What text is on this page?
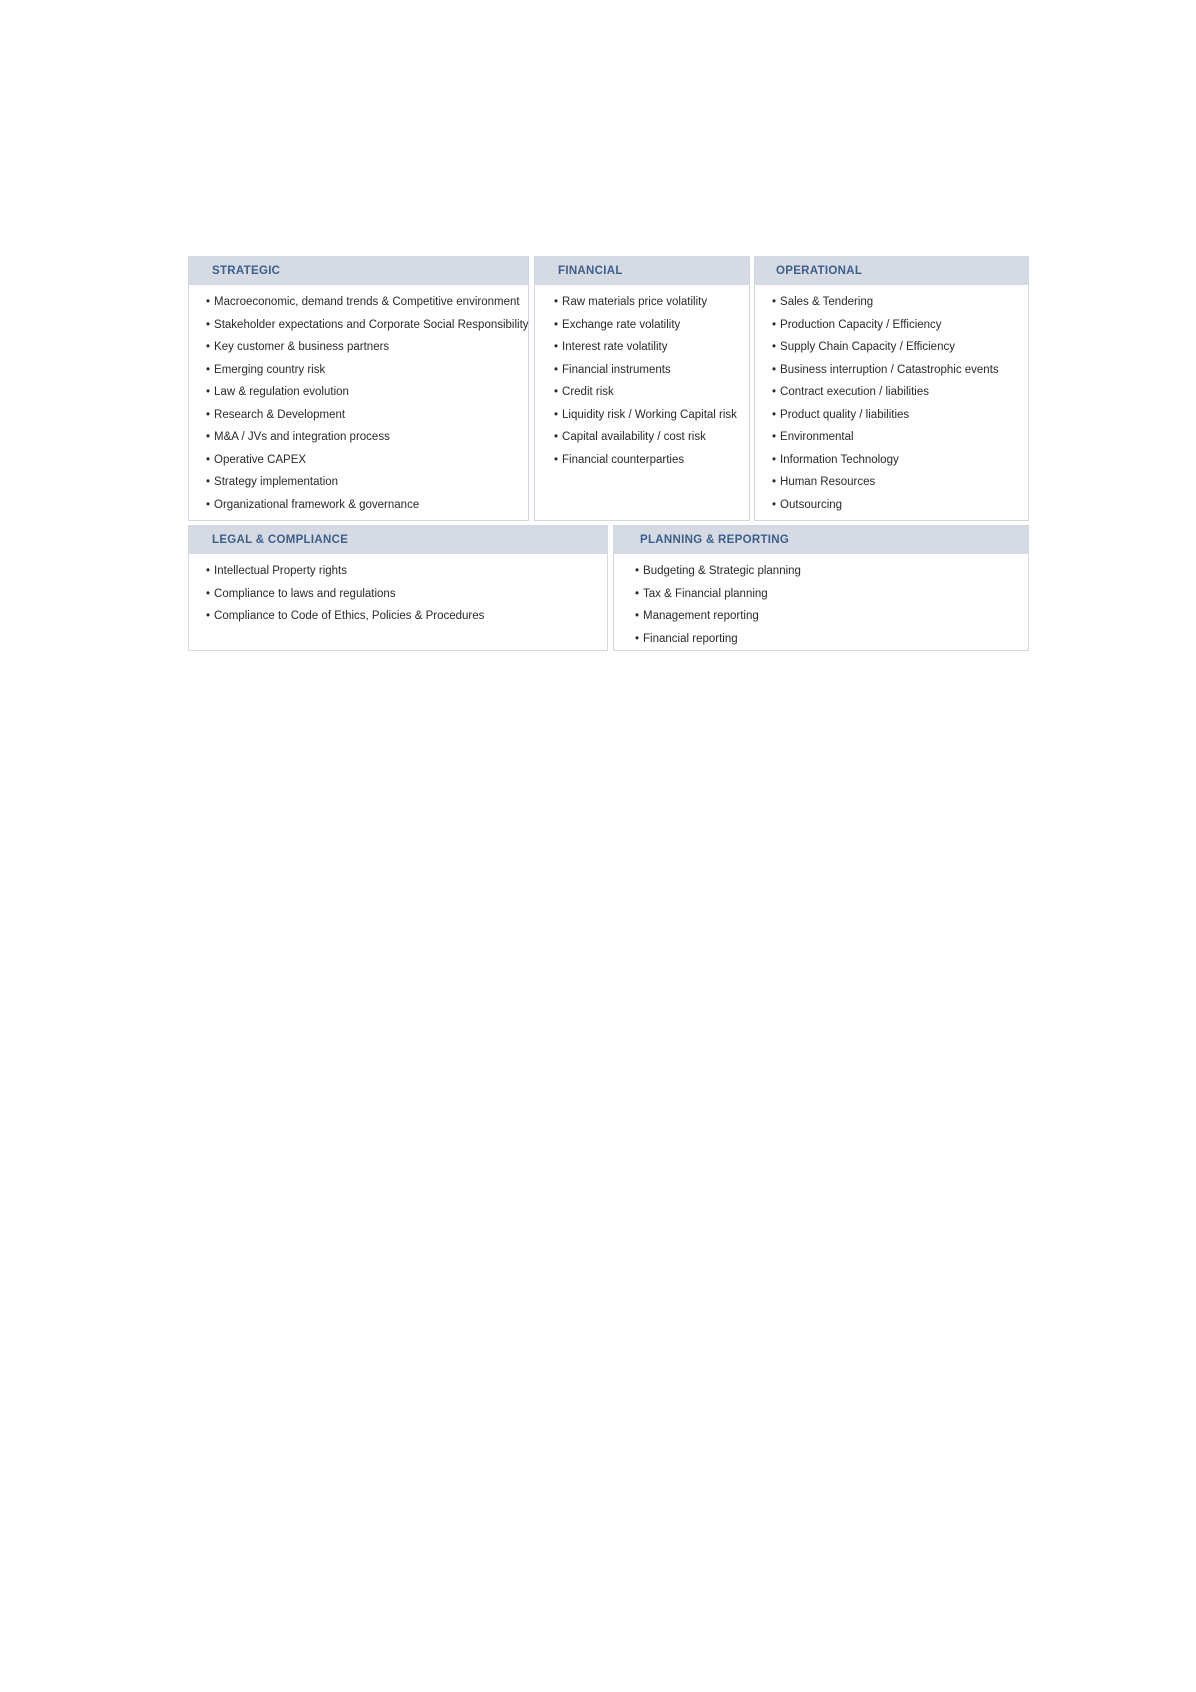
STRATEGIC
• Macroeconomic, demand trends & Competitive environment
• Stakeholder expectations and Corporate Social Responsibility
• Key customer & business partners
• Emerging country risk
• Law & regulation evolution
• Research & Development
• M&A / JVs and integration process
• Operative CAPEX
• Strategy implementation
• Organizational framework & governance
FINANCIAL
• Raw materials price volatility
• Exchange rate volatility
• Interest rate volatility
• Financial instruments
• Credit risk
• Liquidity risk / Working Capital risk
• Capital availability / cost risk
• Financial counterparties
OPERATIONAL
• Sales & Tendering
• Production Capacity / Efficiency
• Supply Chain Capacity / Efficiency
• Business interruption / Catastrophic events
• Contract execution / liabilities
• Product quality / liabilities
• Environmental
• Information Technology
• Human Resources
• Outsourcing
LEGAL & COMPLIANCE
• Intellectual Property rights
• Compliance to laws and regulations
• Compliance to Code of Ethics, Policies & Procedures
PLANNING & REPORTING
• Budgeting & Strategic planning
• Tax & Financial planning
• Management reporting
• Financial reporting
